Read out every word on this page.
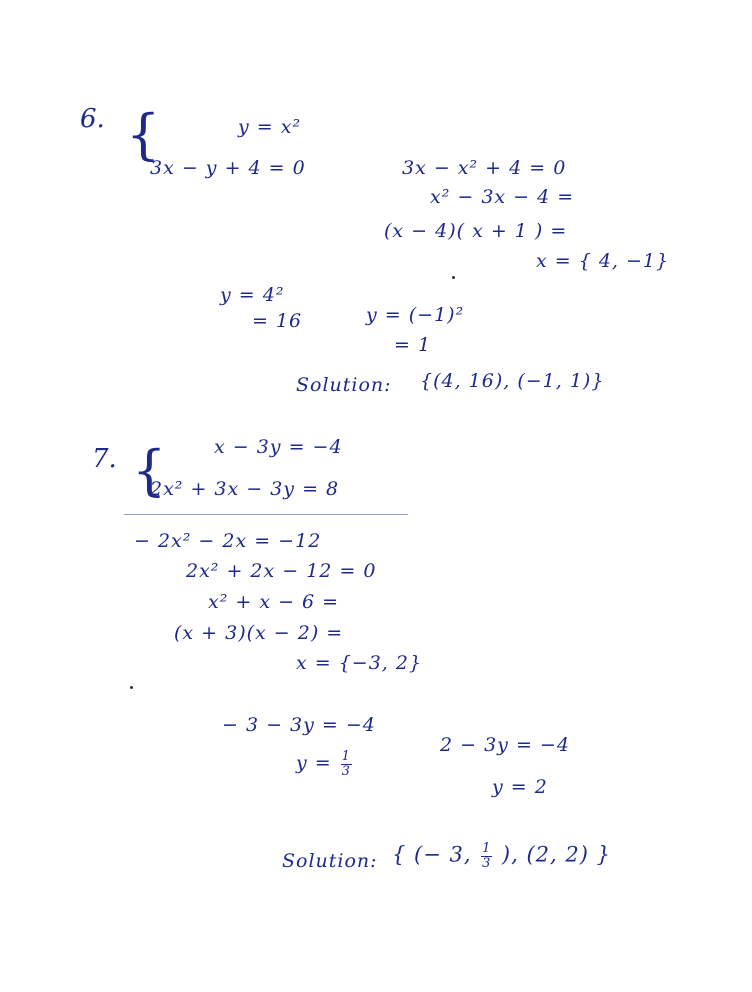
6. {	y = x²
3x − y + 4 = 0	3x − x² + 4 = 0
x² − 3x − 4 =
(x − 4)( x + 1 ) =
x = { 4, −1}
y = 4²
= 16	y = (−1)²
= 1
Solution: {(4, 16), (−1, 1)}
7. {	x − 3y = −4
2x² + 3x − 3y = 8
− 2x² − 2x = −12
2x² + 2x − 12 = 0
x² + x − 6 =
(x + 3)(x − 2) =
x = {−3, 2}
− 3 − 3y = −4
$y = \frac{1}{3}$
2 − 3y = −4
y = 2
Solution: { (− 3, $\frac{1}{3}$ ), (2, 2) }
